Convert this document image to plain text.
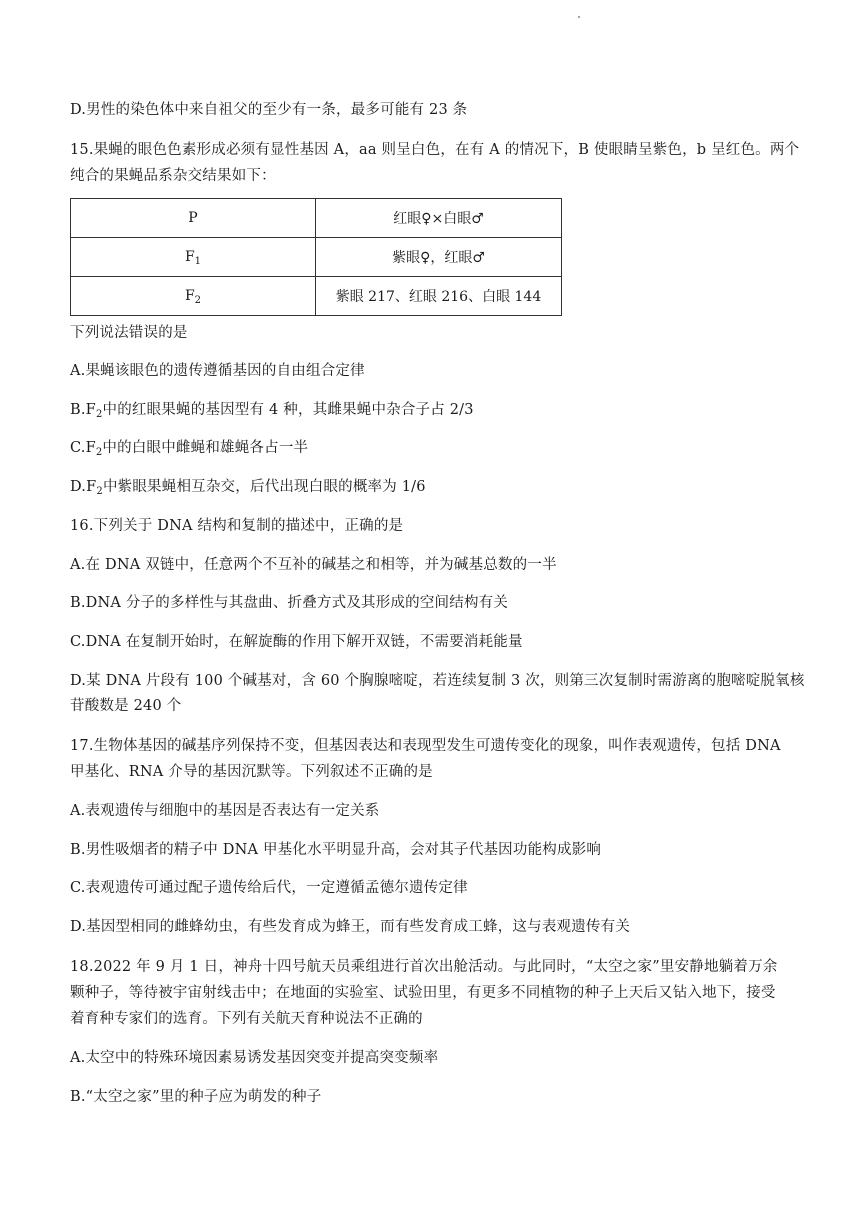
D.男性的染色体中来自祖父的至少有一条，最多可能有 23 条
15.果蝇的眼色色素形成必须有显性基因 A，aa 则呈白色，在有 A 的情况下，B 使眼睛呈紫色，b 呈红色。两个
纯合的果蝇品系杂交结果如下：
P	红眼♀×白眼♂
$F_1$	紫眼♀，红眼♂
$F_2$	紫眼 217、红眼 216、白眼 144
下列说法错误的是
A.果蝇该眼色的遗传遵循基因的自由组合定律
$B.F_2$中的红眼果蝇的基因型有 4 种，其雌果蝇中杂合子占 2/3
$C.F_2$中的白眼中雌蝇和雄蝇各占一半
$D.F_2$中紫眼果蝇相互杂交，后代出现白眼的概率为 1/6
16.下列关于 DNA 结构和复制的描述中，正确的是
A.在 DNA 双链中，任意两个不互补的碱基之和相等，并为碱基总数的一半
B.DNA 分子的多样性与其盘曲、折叠方式及其形成的空间结构有关
C.DNA 在复制开始时，在解旋酶的作用下解开双链，不需要消耗能量
D.某 DNA 片段有 100 个碱基对，含 60 个胸腺嘧啶，若连续复制 3 次，则第三次复制时需游离的胞嘧啶脱氧核
苷酸数是 240 个
17.生物体基因的碱基序列保持不变，但基因表达和表现型发生可遗传变化的现象，叫作表观遗传，包括 DNA
甲基化、RNA 介导的基因沉默等。下列叙述不正确的是
A.表观遗传与细胞中的基因是否表达有一定关系
B.男性吸烟者的精子中 DNA 甲基化水平明显升高，会对其子代基因功能构成影响
C.表观遗传可通过配子遗传给后代，一定遵循孟德尔遗传定律
D.基因型相同的雌蜂幼虫，有些发育成为蜂王，而有些发育成工蜂，这与表观遗传有关
18.2022 年 9 月 1 日，神舟十四号航天员乘组进行首次出舱活动。与此同时，“太空之家”里安静地躺着万余
颗种子，等待被宇宙射线击中；在地面的实验室、试验田里，有更多不同植物的种子上天后又钻入地下，接受
着育种专家们的选育。下列有关航天育种说法不正确的
A.太空中的特殊环境因素易诱发基因突变并提高突变频率
B.“太空之家”里的种子应为萌发的种子
